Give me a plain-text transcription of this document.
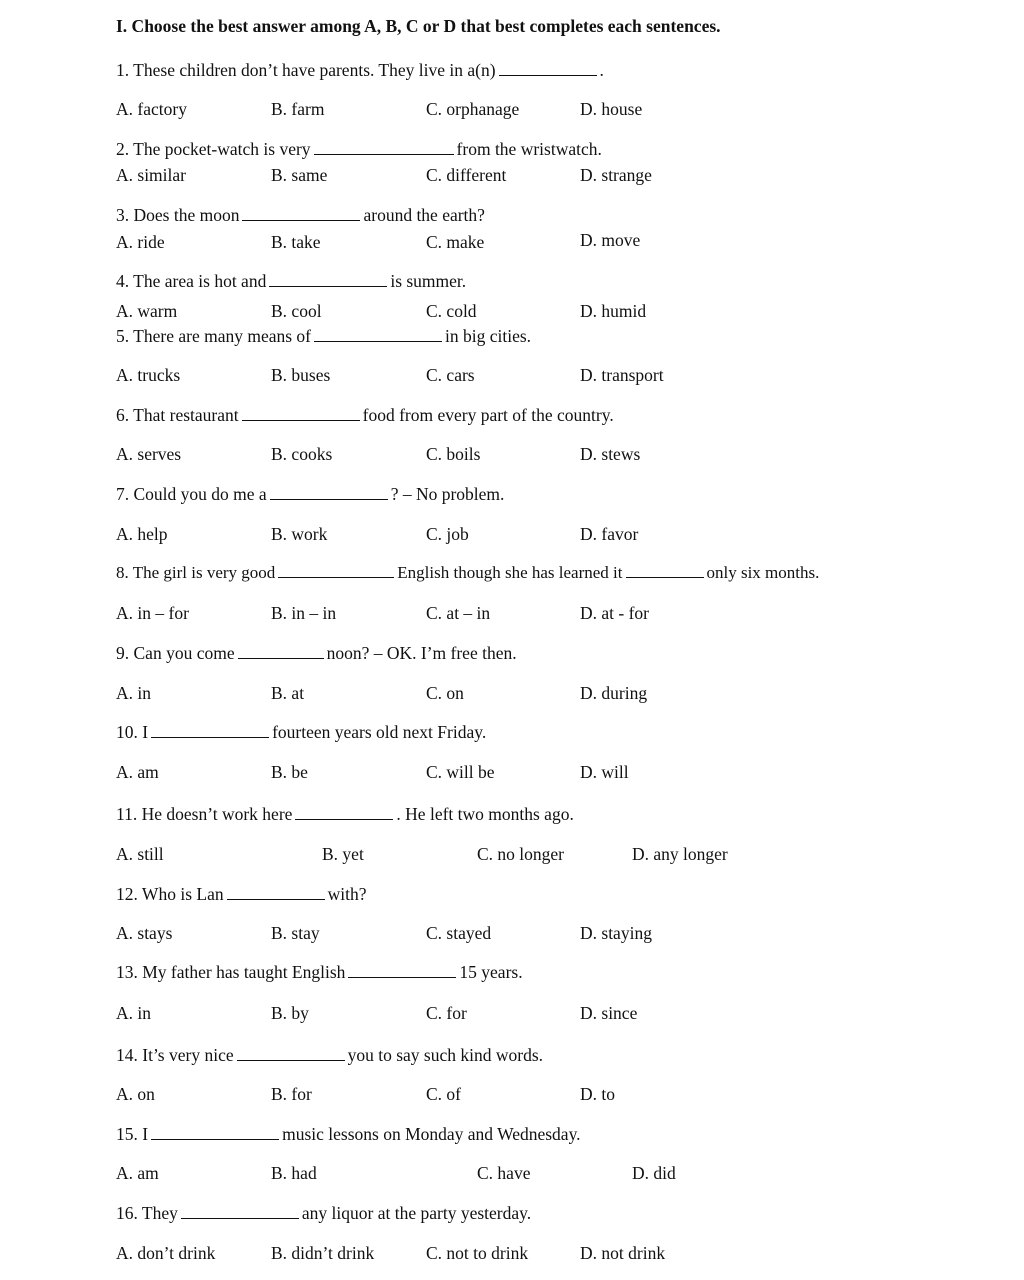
I. Choose the best answer among A, B, C or D that best completes each sentences.
1. These children don’t have parents. They live in a(n)	.
A. factory	B. farm	C. orphanage	D. house
2. The pocket-watch is very	from the wristwatch.
A. similar	B. same	C. different	D. strange
3. Does the moon	around the earth?
A. ride	B. take	C. make	D. move
4. The area is hot and	is summer.
A. warm	B. cool	C. cold	D. humid
5. There are many means of	in big cities.
A. trucks	B. buses	C. cars	D. transport
6. That restaurant	food from every part of the country.
A. serves	B. cooks	C. boils	D. stews
7. Could you do me a	? – No problem.
A. help	B. work	C. job	D. favor
8. The girl is very good	English though she has learned it	only six months.
A. in – for	B. in – in	C. at – in	D. at - for
9. Can you come	noon? – OK. I’m free then.
A. in	B. at	C. on	D. during
10. I	fourteen years old next Friday.
A. am	B. be	C. will be	D. will
11. He doesn’t work here	. He left two months ago.
A. still	B. yet	C. no longer	D. any longer
12. Who is Lan	with?
A. stays	B. stay	C. stayed	D. staying
13. My father has taught English	15 years.
A. in	B. by	C. for	D. since
14. It’s very nice	you to say such kind words.
A. on	B. for	C. of	D. to
15. I	music lessons on Monday and Wednesday.
A. am	B. had	C. have	D. did
16. They	any liquor at the party yesterday.
A. don’t drink	B. didn’t drink	C. not to drink	D. not drink
